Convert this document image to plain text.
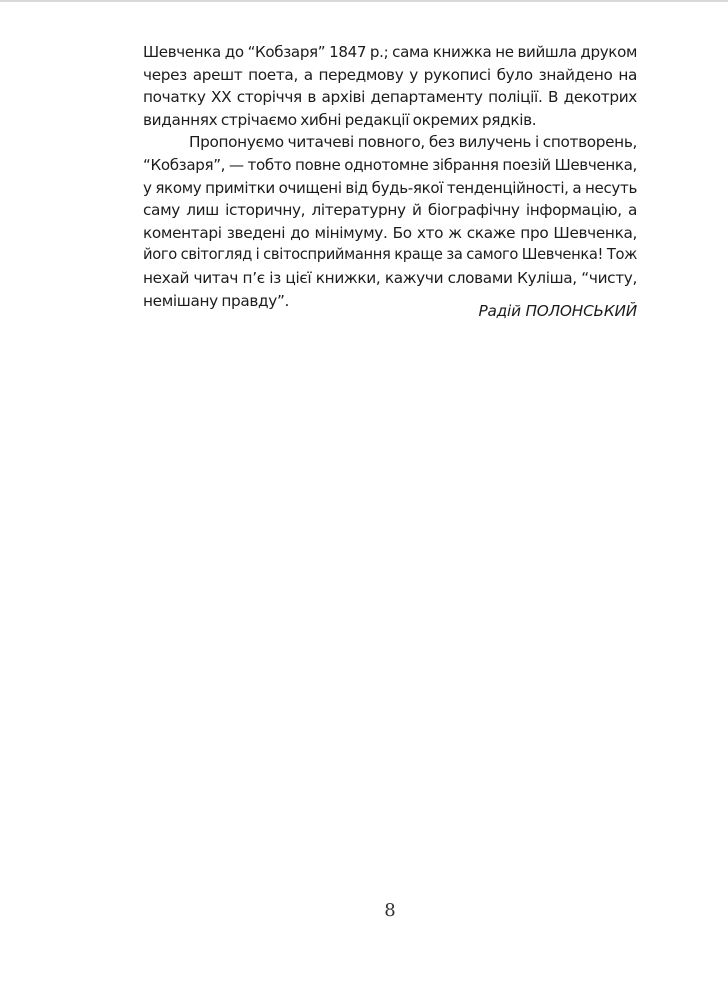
Шевченка до “Кобзаря” 1847 р.; сама книжка не вийшла друком
через арешт поета, а передмову у рукописі було знайдено на
початку ХХ сторіччя в архіві департаменту поліції. В декотрих
виданнях стрічаємо хибні редакції окремих рядків.

Пропонуємо читачеві повного, без вилучень і спотворень,
“Кобзаря”, — тобто повне однотомне зібрання поезій Шевченка,
у якому примітки очищені від будь-якої тенденційності, а несуть
саму лиш історичну, літературну й біографічну інформацію, а
коментарі зведені до мінімуму. Бо хто ж скаже про Шевченка,
його світогляд і світосприймання краще за самого Шевченка! Тож
нехай читач п’є із цієї книжки, кажучи словами Куліша, “чисту,
немішану правду”.

Радій ПОЛОНСЬКИЙ
8
